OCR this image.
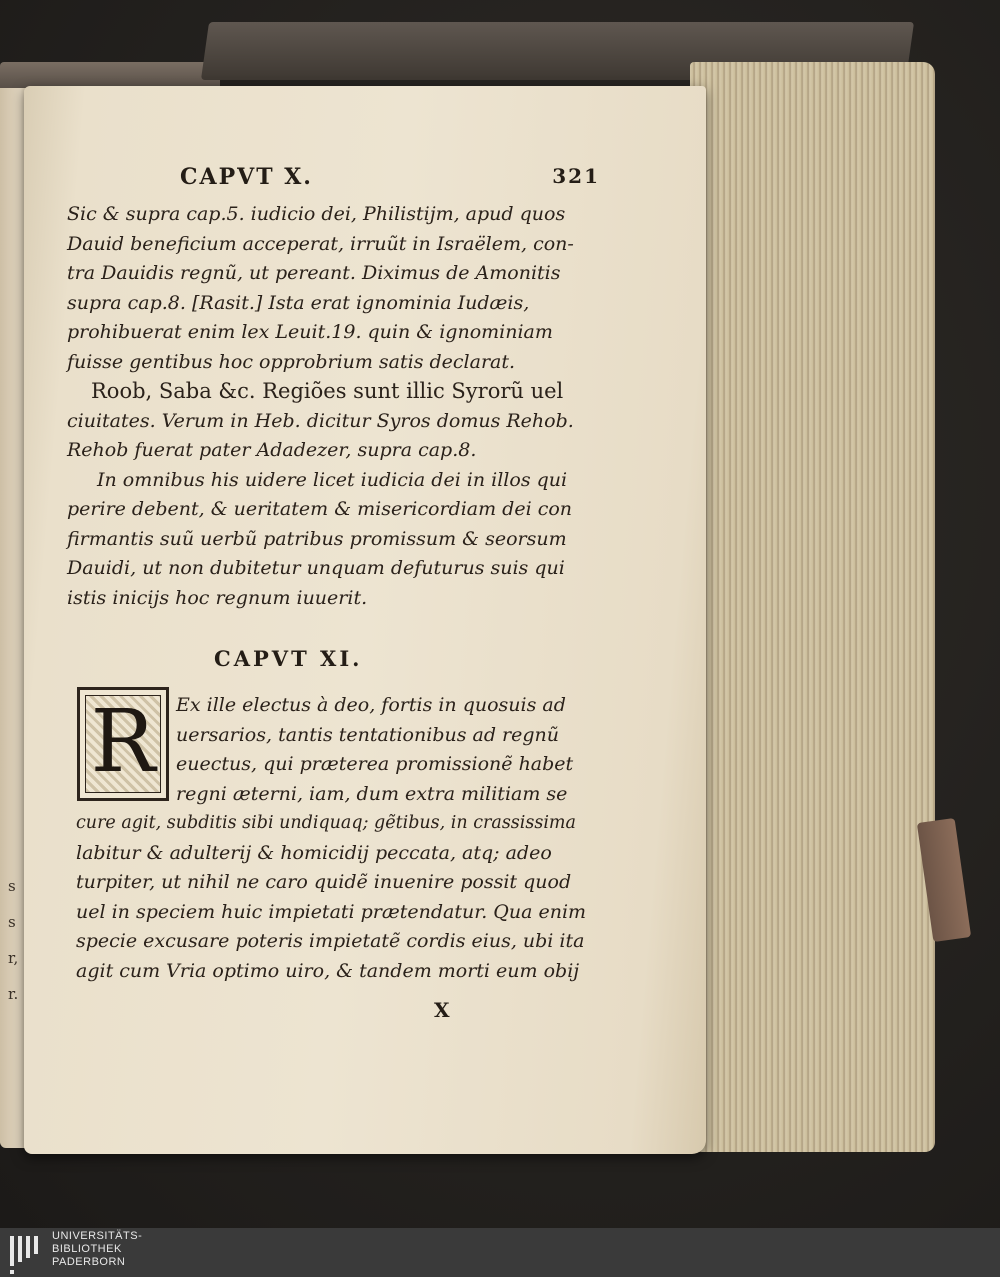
s
s
r,
r.
CAPVT X.	321
Sic & supra cap.5. iudicio dei, Philistijm, apud quos
Dauid beneficium acceperat, irruũt in Israëlem, con-
tra Dauidis regnũ, ut pereant. Diximus de Amonitis
supra cap.8. [Rasit.] Ista erat ignominia Iudæis,
prohibuerat enim lex Leuit.19. quin & ignominiam
fuisse gentibus hoc opprobrium satis declarat.
Roob, Saba &c. Regiões sunt illic Syrorũ uel
ciuitates. Verum in Heb. dicitur Syros domus Rehob.
Rehob fuerat pater Adadezer, supra cap.8.
In omnibus his uidere licet iudicia dei in illos qui
perire debent, & ueritatem & misericordiam dei con
firmantis suũ uerbũ patribus promissum & seorsum
Dauidi, ut non dubitetur unquam defuturus suis qui
istis inicijs hoc regnum iuuerit.
CAPVT XI.
R	Ex ille electus à deo, fortis in quosuis ad
uersarios, tantis tentationibus ad regnũ
euectus, qui præterea promissionẽ habet
regni æterni, iam, dum extra militiam se
cure agit, subditis sibi undiquaq; gẽtibus, in crassissima
labitur & adulterij & homicidij peccata, atq; adeo
turpiter, ut nihil ne caro quidẽ inuenire possit quod
uel in speciem huic impietati prætendatur. Qua enim
specie excusare poteris impietatẽ cordis eius, ubi ita
agit cum Vria optimo uiro, & tandem morti eum obij
X
UNIVERSITÄTS-
BIBLIOTHEK
PADERBORN
